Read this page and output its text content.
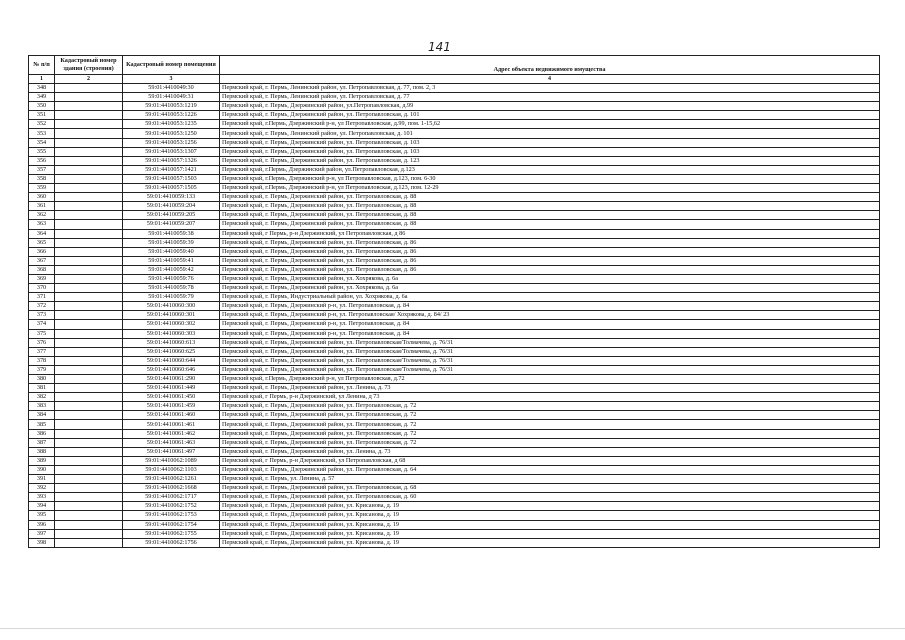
141
№ п/п	Кадастровый номер здания (строения)	Кадастровый номер помещения	Адрес объекта недвижимого имущества
1	2	3	4
348		59:01:4410049:30	Пермский край, г. Пермь, Ленинский район, ул. Петропавловская, д. 77, пом. 2, 3
349		59:01:4410049:31	Пермский край, г. Пермь, Ленинский район, ул. Петропавловская, д. 77
350		59:01:4410053:1219	Пермский край, г. Пермь, Дзержинский район, ул.Петропавловская, д.99
351		59:01:4410053:1226	Пермский край, г. Пермь, Дзержинский район, ул. Петропавловская, д. 101
352		59:01:4410053:1235	Пермский край, г.Пермь, Дзержинский р-н, ул Петропавловская, д.99, пом. 1-15,62
353		59:01:4410053:1250	Пермский край, г. Пермь, Ленинский район, ул. Петропавловская, д. 101
354		59:01:4410053:1256	Пермский край, г. Пермь, Дзержинский район, ул. Петропавловская, д. 103
355		59:01:4410053:1307	Пермский край, г. Пермь, Дзержинский район, ул. Петропавловская, д. 103
356		59:01:4410057:1326	Пермский край, г. Пермь, Дзержинский район, ул. Петропавловская, д. 123
357		59:01:4410057:1421	Пермский край, г.Пермь, Дзержинский район, ул.Петропавловская, д.123
358		59:01:4410057:1503	Пермский край, г.Пермь, Дзержинский р-н, ул Петропавловская, д.123, пом. 6-30
359		59:01:4410057:1505	Пермский край, г.Пермь, Дзержинский р-н, ул Петропавловская, д.123, пом. 12-29
360		59:01:4410059:133	Пермский край, г. Пермь, Дзержинский район, ул. Петропавловская, д. 88
361		59:01:4410059:204	Пермский край, г. Пермь, Дзержинский район, ул. Петропавловская, д. 88
362		59:01:4410059:205	Пермский край, г. Пермь, Дзержинский район, ул. Петропавловская, д. 88
363		59:01:4410059:207	Пермский край, г. Пермь, Дзержинский район, ул. Петропавловская, д. 88
364		59:01:4410059:38	Пермский край, г Пермь, р-н Дзержинский, ул Петропавловская, д 86
365		59:01:4410059:39	Пермский край, г. Пермь, Дзержинский район, ул. Петропавловская, д. 86
366		59:01:4410059:40	Пермский край, г. Пермь, Дзержинский район, ул. Петропавловская, д. 86
367		59:01:4410059:41	Пермский край, г. Пермь, Дзержинский район, ул. Петропавловская, д. 86
368		59:01:4410059:42	Пермский край, г. Пермь, Дзержинский район, ул. Петропавловская, д. 86
369		59:01:4410059:76	Пермский край, г. Пермь, Дзержинский район, ул. Хохрякова, д. 6а
370		59:01:4410059:78	Пермский край, г. Пермь, Дзержинский район, ул. Хохрякова, д. 6а
371		59:01:4410059:79	Пермский край, г. Пермь, Индустриальный район, ул. Хохрякова, д. 6а
372		59:01:4410060:300	Пермский край, г. Пермь, Дзержинский р-н, ул. Петропавловская, д. 84
373		59:01:4410060:301	Пермский край, г. Пермь, Дзержинский р-н, ул. Петропавловская/ Хохрякова, д. 84/ 23
374		59:01:4410060:302	Пермский край, г. Пермь, Дзержинский р-н, ул. Петропавловская, д. 84
375		59:01:4410060:303	Пермский край, г. Пермь, Дзержинский р-н, ул. Петропавловская, д. 84
376		59:01:4410060:613	Пермский край, г. Пермь, Дзержинский район, ул. Петропавловская/Толмачева, д. 76/31
377		59:01:4410060:625	Пермский край, г. Пермь, Дзержинский район, ул. Петропавловская/Толмачева, д. 76/31
378		59:01:4410060:644	Пермский край, г. Пермь, Дзержинский район, ул. Петропавловская/Толмачева, д. 76/31
379		59:01:4410060:646	Пермский край, г. Пермь, Дзержинский район, ул. Петропавловская/Толмачева, д. 76/31
380		59:01:4410061:290	Пермский край, г.Пермь, Дзержинский р-н, ул Петропавловская, д.72
381		59:01:4410061:449	Пермский край, г. Пермь, Дзержинский район, ул. Ленина, д. 73
382		59:01:4410061:450	Пермский край, г Пермь, р-н Дзержинский, ул Ленина, д 73
383		59:01:4410061:459	Пермский край, г. Пермь, Дзержинский район, ул. Петропавловская, д. 72
384		59:01:4410061:460	Пермский край, г. Пермь, Дзержинский район, ул. Петропавловская, д. 72
385		59:01:4410061:461	Пермский край, г. Пермь, Дзержинский район, ул. Петропавловская, д. 72
386		59:01:4410061:462	Пермский край, г. Пермь, Дзержинский район, ул. Петропавловская, д. 72
387		59:01:4410061:463	Пермский край, г. Пермь, Дзержинский район, ул. Петропавловская, д. 72
388		59:01:4410061:497	Пермский край, г. Пермь, Дзержинский район, ул. Ленина, д. 73
389		59:01:4410062:1089	Пермский край, г Пермь, р-н Дзержинский, ул Петропавловская, д 68
390		59:01:4410062:1103	Пермский край, г. Пермь, Дзержинский район, ул. Петропавловская, д. 64
391		59:01:4410062:1261	Пермский край, г. Пермь, ул. Ленина, д. 57
392		59:01:4410062:1668	Пермский край, г. Пермь, Дзержинский район, ул. Петропавловская, д. 68
393		59:01:4410062:1717	Пермский край, г. Пермь, Дзержинский район, ул. Петропавловская, д. 60
394		59:01:4410062:1752	Пермский край, г. Пермь, Дзержинский район, ул. Крисанова, д. 19
395		59:01:4410062:1753	Пермский край, г. Пермь, Дзержинский район, ул. Крисанова, д. 19
396		59:01:4410062:1754	Пермский край, г. Пермь, Дзержинский район, ул. Крисанова, д. 19
397		59:01:4410062:1755	Пермский край, г. Пермь, Дзержинский район, ул. Крисанова, д. 19
398		59:01:4410062:1756	Пермский край, г. Пермь, Дзержинский район, ул. Крисанова, д. 19
